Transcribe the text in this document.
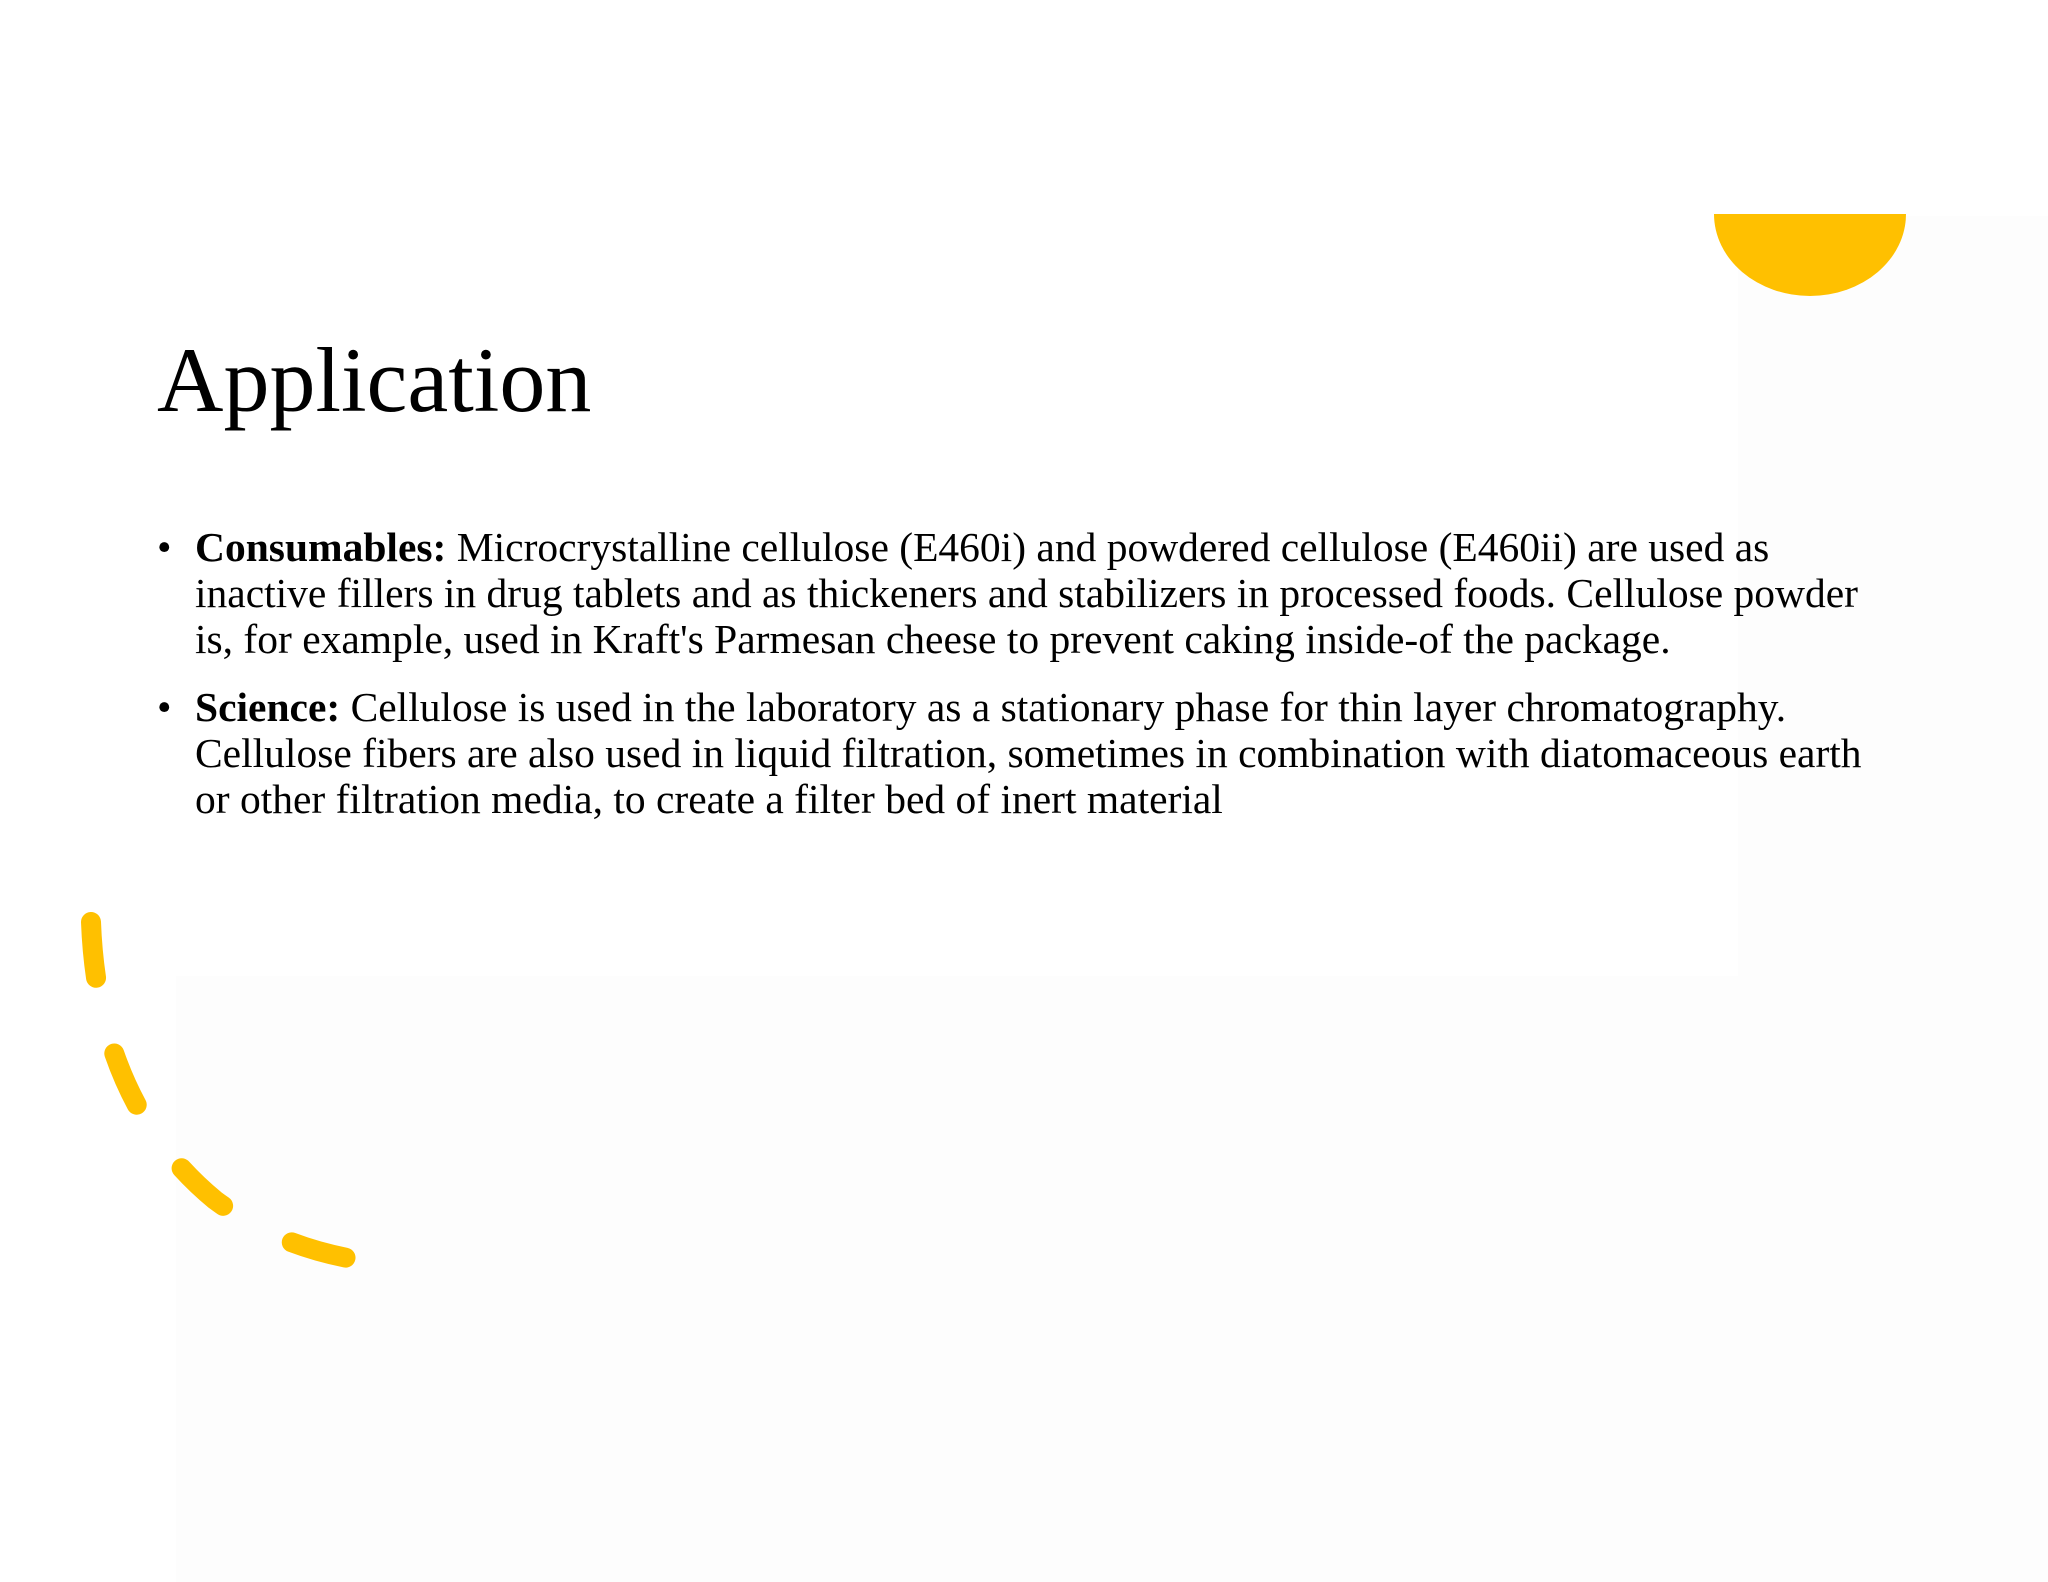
Application
• Consumables: Microcrystalline cellulose (E460i) and powdered cellulose (E460ii) are used as inactive fillers in drug tablets and as thickeners and stabilizers in processed foods. Cellulose powder is, for example, used in Kraft's Parmesan cheese to prevent caking inside-of the package.
• Science: Cellulose is used in the laboratory as a stationary phase for thin layer chromatography. Cellulose fibers are also used in liquid filtration, sometimes in combination with diatomaceous earth or other filtration media, to create a filter bed of inert material
